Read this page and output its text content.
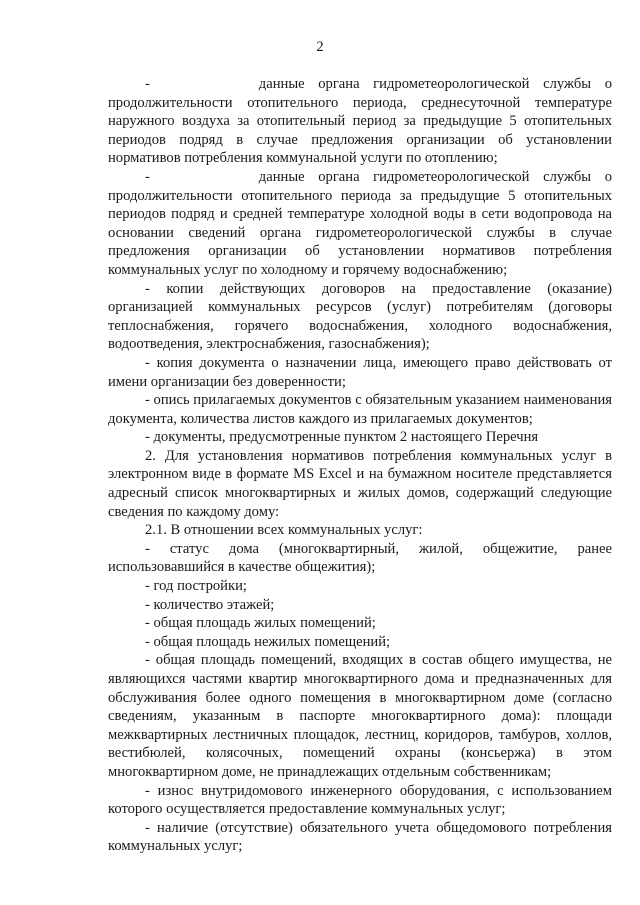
2

-        данные органа гидрометеорологической службы о продолжительности отопительного периода, среднесуточной температуре наружного воздуха за отопительный период за предыдущие 5 отопительных периодов подряд в случае предложения организации об установлении нормативов потребления коммунальной услуги по отоплению;

-        данные органа гидрометеорологической службы о продолжительности отопительного периода за предыдущие 5 отопительных периодов подряд и средней температуре холодной воды в сети водопровода на основании сведений органа гидрометеорологической службы в случае предложения организации об установлении нормативов потребления коммунальных услуг по холодному и горячему водоснабжению;

- копии действующих договоров на предоставление (оказание) организацией коммунальных ресурсов (услуг) потребителям (договоры теплоснабжения, горячего водоснабжения, холодного водоснабжения, водоотведения, электроснабжения, газоснабжения);

- копия документа о назначении лица, имеющего право действовать от имени организации без доверенности;

- опись прилагаемых документов с обязательным указанием наименования документа, количества листов каждого из прилагаемых документов;

- документы, предусмотренные пунктом 2 настоящего Перечня

2. Для установления нормативов потребления коммунальных услуг в электронном виде в формате MS Excel и на бумажном носителе представляется адресный список многоквартирных и жилых домов, содержащий следующие сведения по каждому дому:

2.1. В отношении всех коммунальных услуг:

- статус дома (многоквартирный, жилой, общежитие, ранее использовавшийся в качестве общежития);

- год постройки;

- количество этажей;

- общая площадь жилых помещений;

- общая площадь нежилых помещений;

- общая площадь помещений, входящих в состав общего имущества, не являющихся частями квартир многоквартирного дома и предназначенных для обслуживания более одного помещения в многоквартирном доме (согласно сведениям, указанным в паспорте многоквартирного дома): площади межквартирных лестничных площадок, лестниц, коридоров, тамбуров, холлов, вестибюлей, колясочных, помещений охраны (консьержа) в этом многоквартирном доме, не принадлежащих отдельным собственникам;

- износ внутридомового инженерного оборудования, с использованием которого осуществляется предоставление коммунальных услуг;

- наличие (отсутствие) обязательного учета общедомового потребления коммунальных услуг;
